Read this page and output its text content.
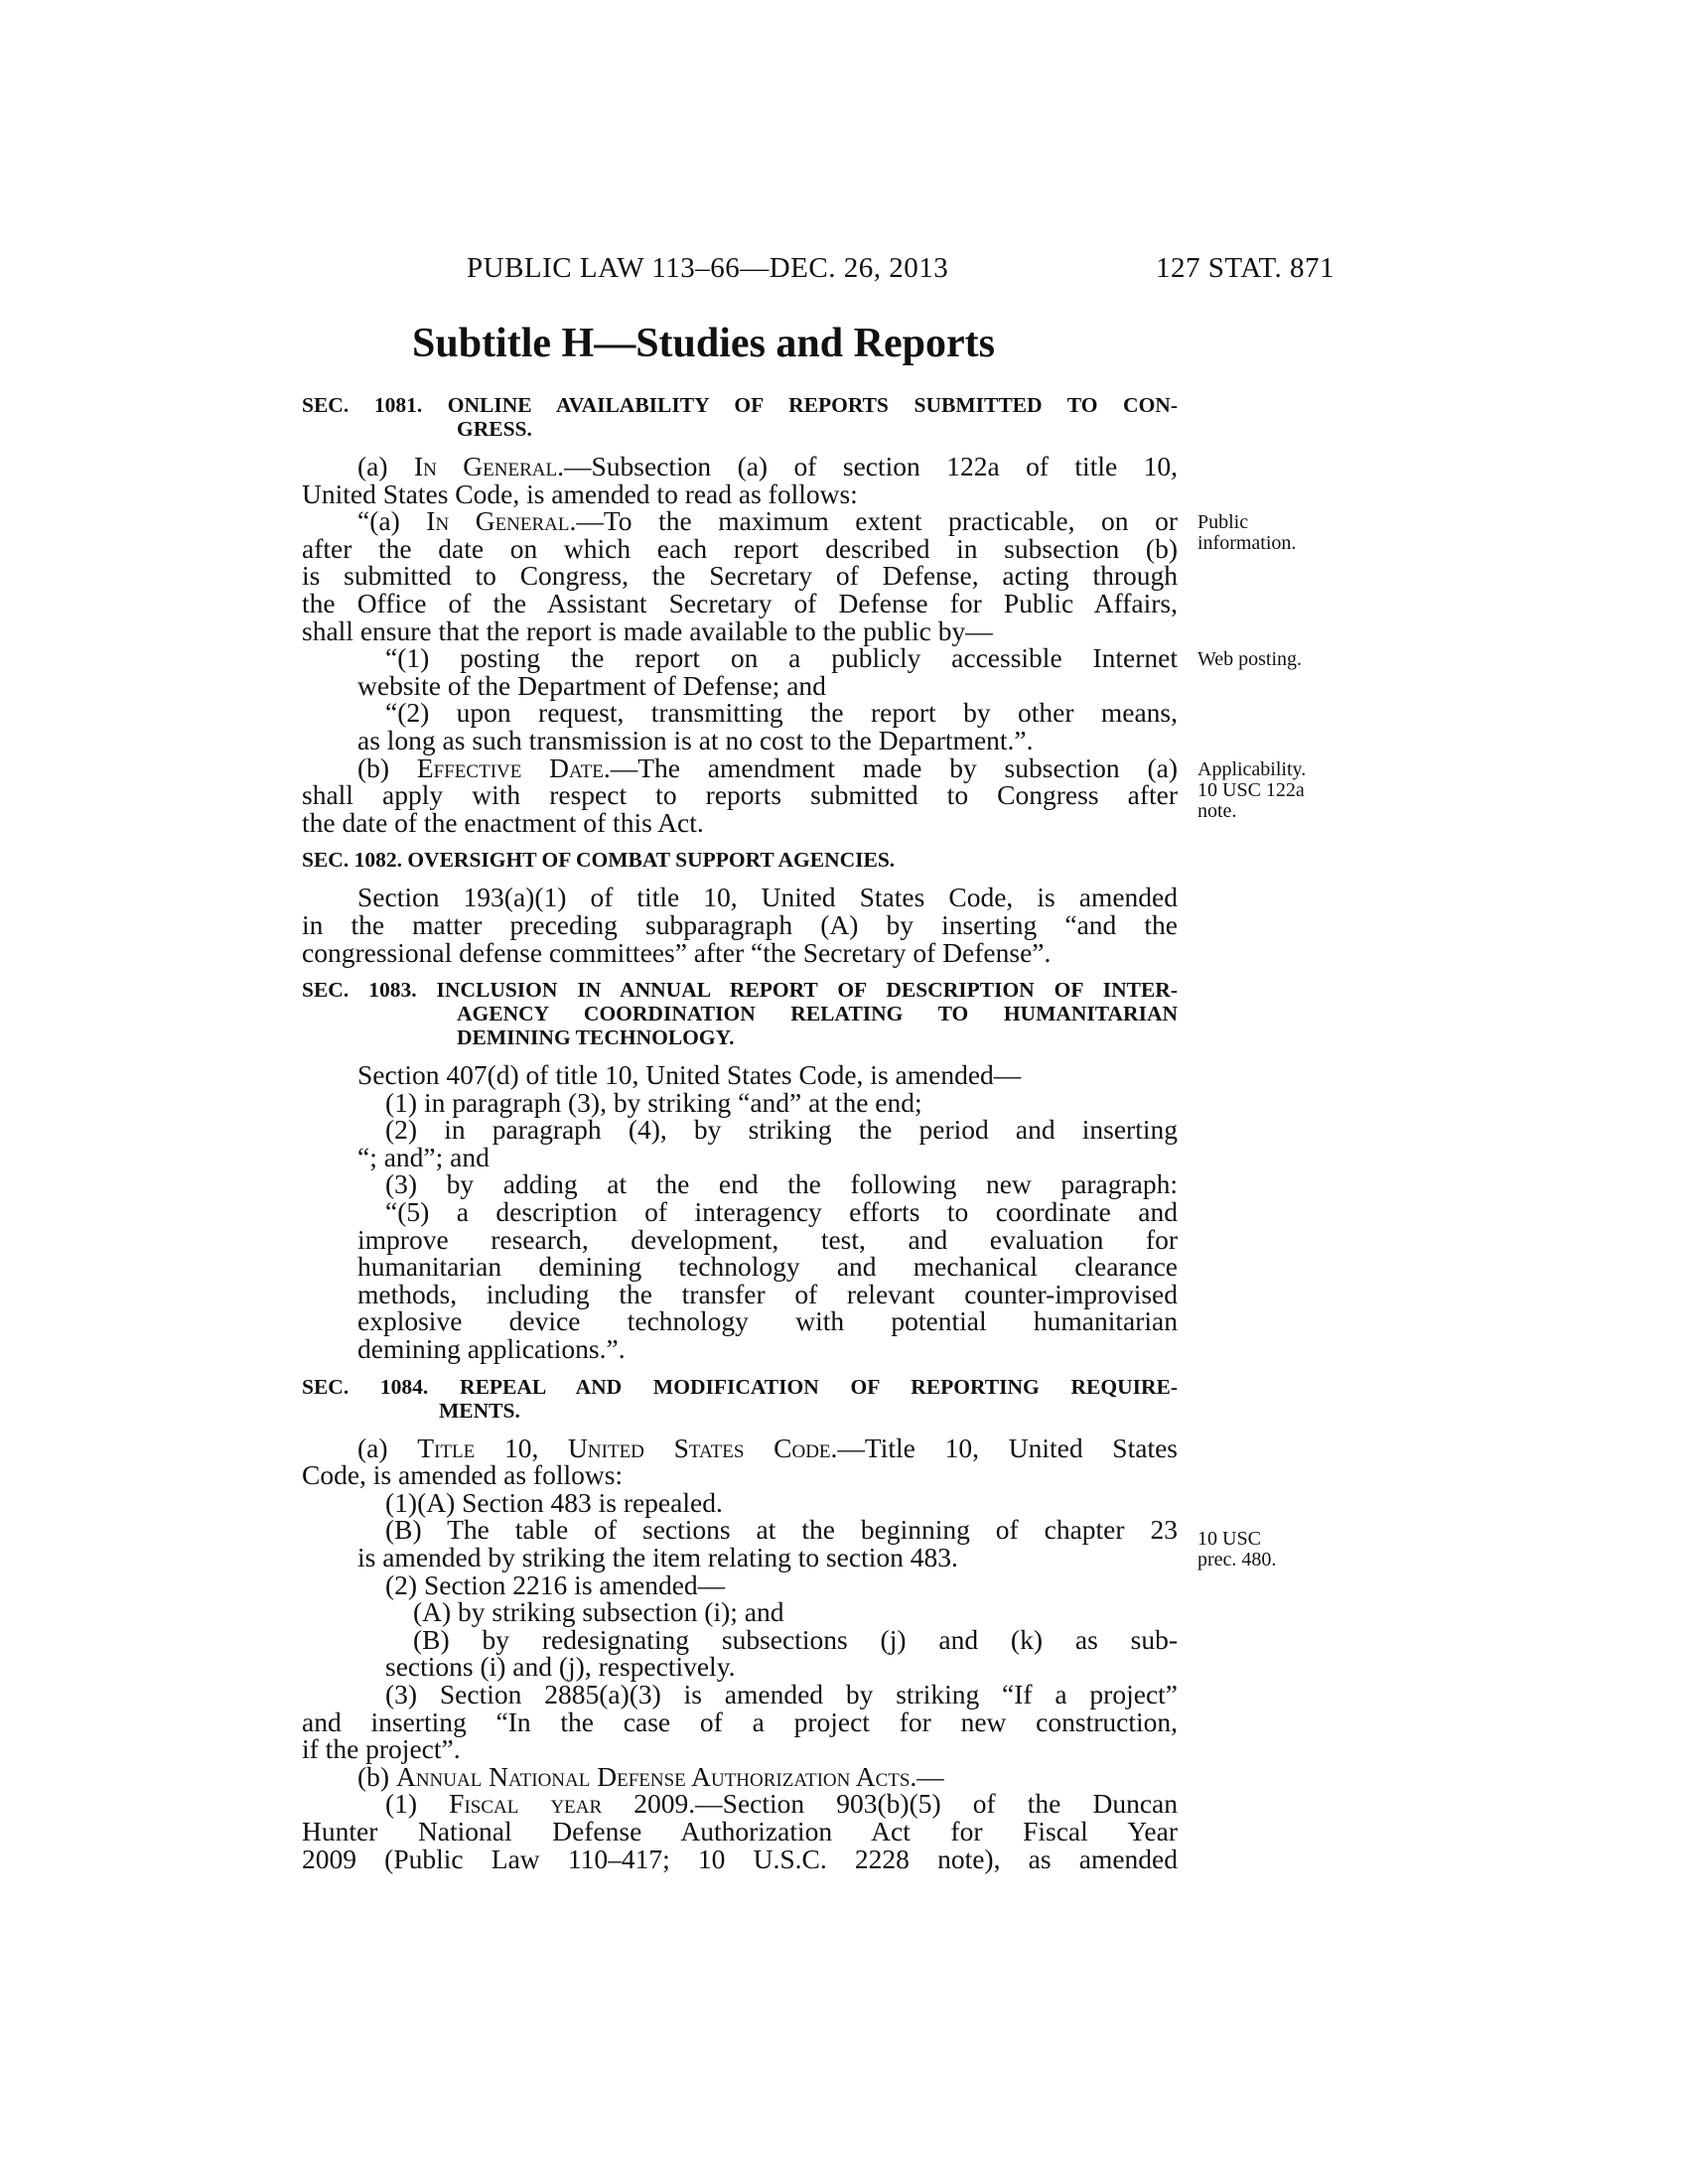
PUBLIC LAW 113–66—DEC. 26, 2013	127 STAT. 871
Subtitle H—Studies and Reports

SEC. 1081. ONLINE AVAILABILITY OF REPORTS SUBMITTED TO CON-
GRESS.

(a) In General.—Subsection (a) of section 122a of title 10,

United States Code, is amended to read as follows:

“(a) In General.—To the maximum extent practicable, on or

after the date on which each report described in subsection (b)

is submitted to Congress, the Secretary of Defense, acting through

the Office of the Assistant Secretary of Defense for Public Affairs,

shall ensure that the report is made available to the public by—

“(1) posting the report on a publicly accessible Internet

website of the Department of Defense; and

“(2) upon request, transmitting the report by other means,

as long as such transmission is at no cost to the Department.”.

(b) Effective Date.—The amendment made by subsection (a)

shall apply with respect to reports submitted to Congress after

the date of the enactment of this Act.

SEC. 1082. OVERSIGHT OF COMBAT SUPPORT AGENCIES.

Section 193(a)(1) of title 10, United States Code, is amended

in the matter preceding subparagraph (A) by inserting “and the

congressional defense committees” after “the Secretary of Defense”.

SEC. 1083. INCLUSION IN ANNUAL REPORT OF DESCRIPTION OF INTER-
AGENCY COORDINATION RELATING TO HUMANITARIAN
DEMINING TECHNOLOGY.

Section 407(d) of title 10, United States Code, is amended—

(1) in paragraph (3), by striking “and” at the end;

(2) in paragraph (4), by striking the period and inserting

“; and”; and

(3) by adding at the end the following new paragraph:

“(5) a description of interagency efforts to coordinate and

improve research, development, test, and evaluation for

humanitarian demining technology and mechanical clearance

methods, including the transfer of relevant counter-improvised

explosive device technology with potential humanitarian

demining applications.”.

SEC. 1084. REPEAL AND MODIFICATION OF REPORTING REQUIRE-
MENTS.

(a) Title 10, United States Code.—Title 10, United States

Code, is amended as follows:

(1)(A) Section 483 is repealed.

(B) The table of sections at the beginning of chapter 23

is amended by striking the item relating to section 483.

(2) Section 2216 is amended—

(A) by striking subsection (i); and

(B) by redesignating subsections (j) and (k) as sub-

sections (i) and (j), respectively.

(3) Section 2885(a)(3) is amended by striking “If a project”

and inserting “In the case of a project for new construction,

if the project”.

(b) Annual National Defense Authorization Acts.—

(1) Fiscal year 2009.—Section 903(b)(5) of the Duncan

Hunter National Defense Authorization Act for Fiscal Year

2009 (Public Law 110–417; 10 U.S.C. 2228 note), as amended

Public
information.
Web posting.
Applicability.
10 USC 122a
note.
10 USC
prec. 480.
